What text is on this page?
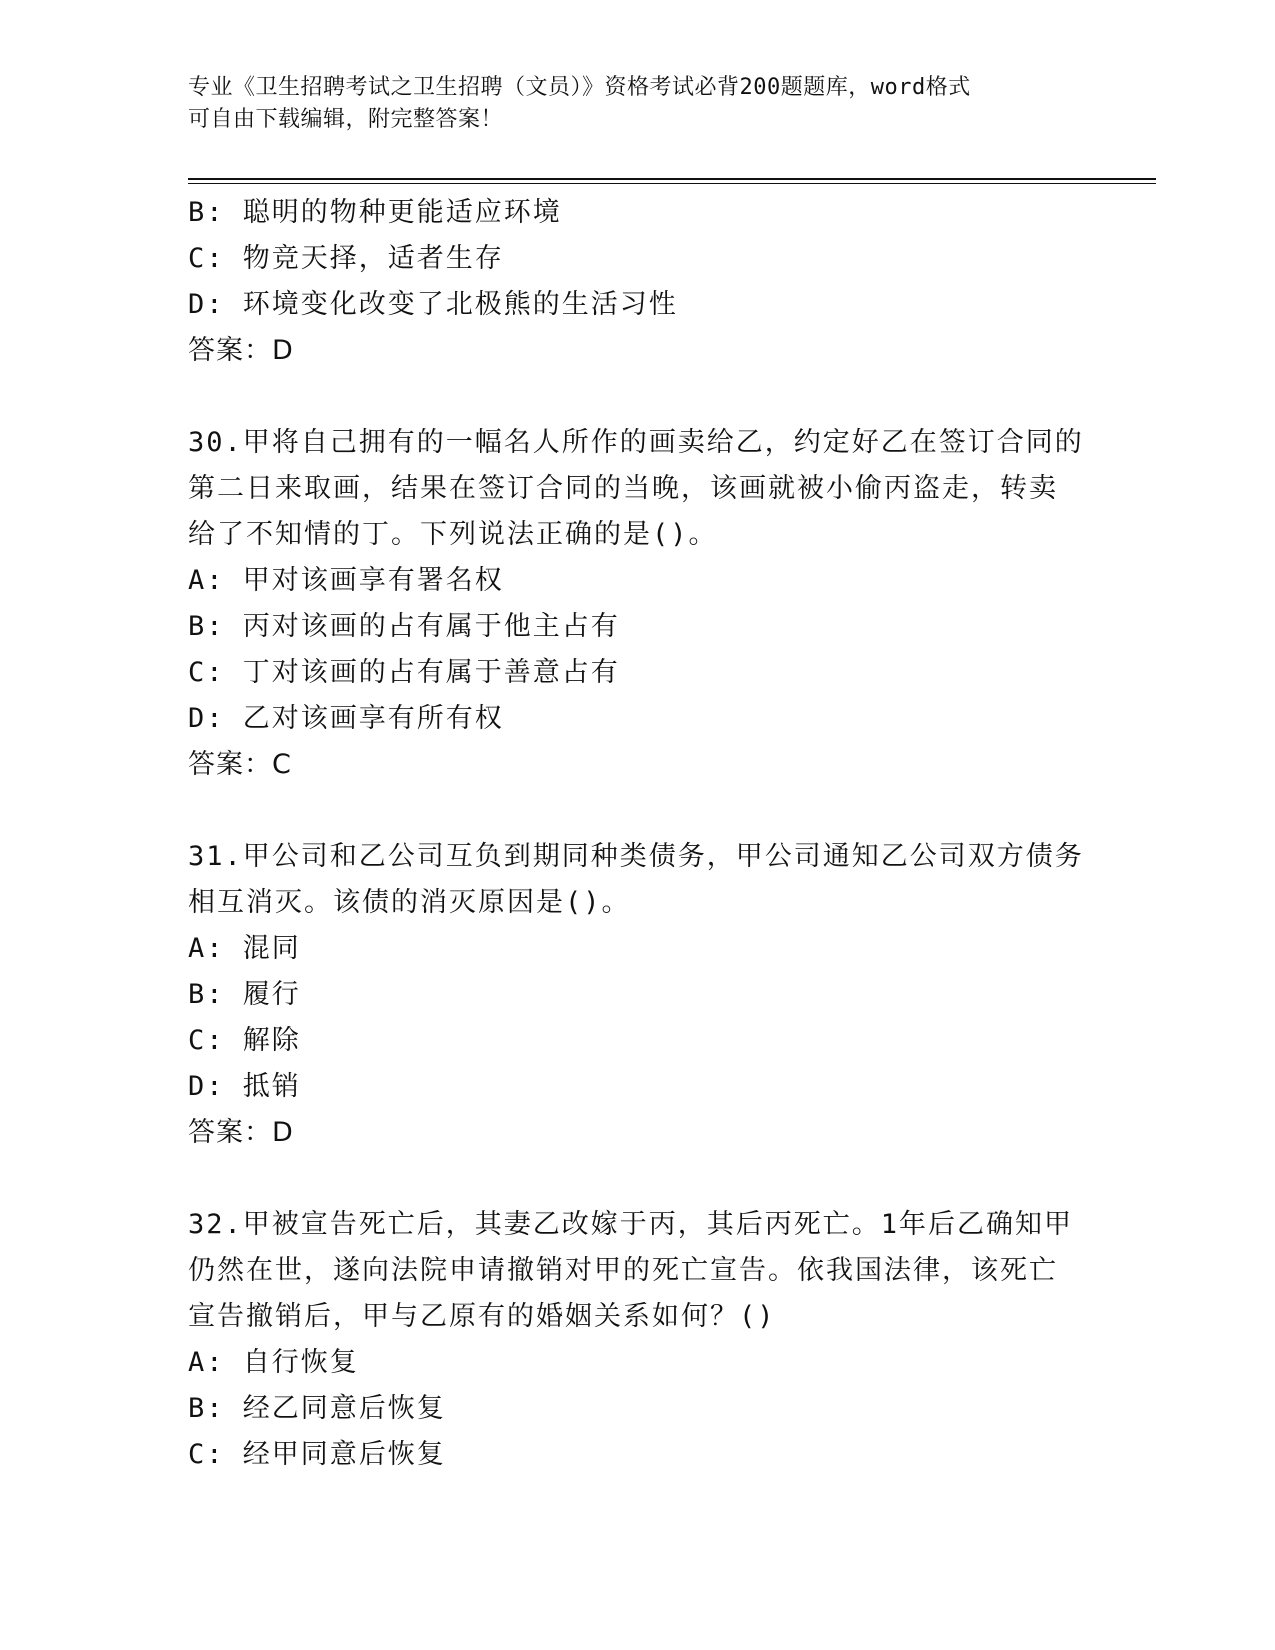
专业《卫生招聘考试之卫生招聘（文员）》资格考试必背200题题库，word格式
可自由下载编辑，附完整答案！
B: 聪明的物种更能适应环境
C: 物竞天择，适者生存
D: 环境变化改变了北极熊的生活习性
答案：D
30.甲将自己拥有的一幅名人所作的画卖给乙，约定好乙在签订合同的
第二日来取画，结果在签订合同的当晚，该画就被小偷丙盗走，转卖
给了不知情的丁。下列说法正确的是()。
A: 甲对该画享有署名权
B: 丙对该画的占有属于他主占有
C: 丁对该画的占有属于善意占有
D: 乙对该画享有所有权
答案：C
31.甲公司和乙公司互负到期同种类债务，甲公司通知乙公司双方债务
相互消灭。该债的消灭原因是()。
A: 混同
B: 履行
C: 解除
D: 抵销
答案：D
32.甲被宣告死亡后，其妻乙改嫁于丙，其后丙死亡。1年后乙确知甲
仍然在世，遂向法院申请撤销对甲的死亡宣告。依我国法律，该死亡
宣告撤销后，甲与乙原有的婚姻关系如何？()
A: 自行恢复
B: 经乙同意后恢复
C: 经甲同意后恢复
